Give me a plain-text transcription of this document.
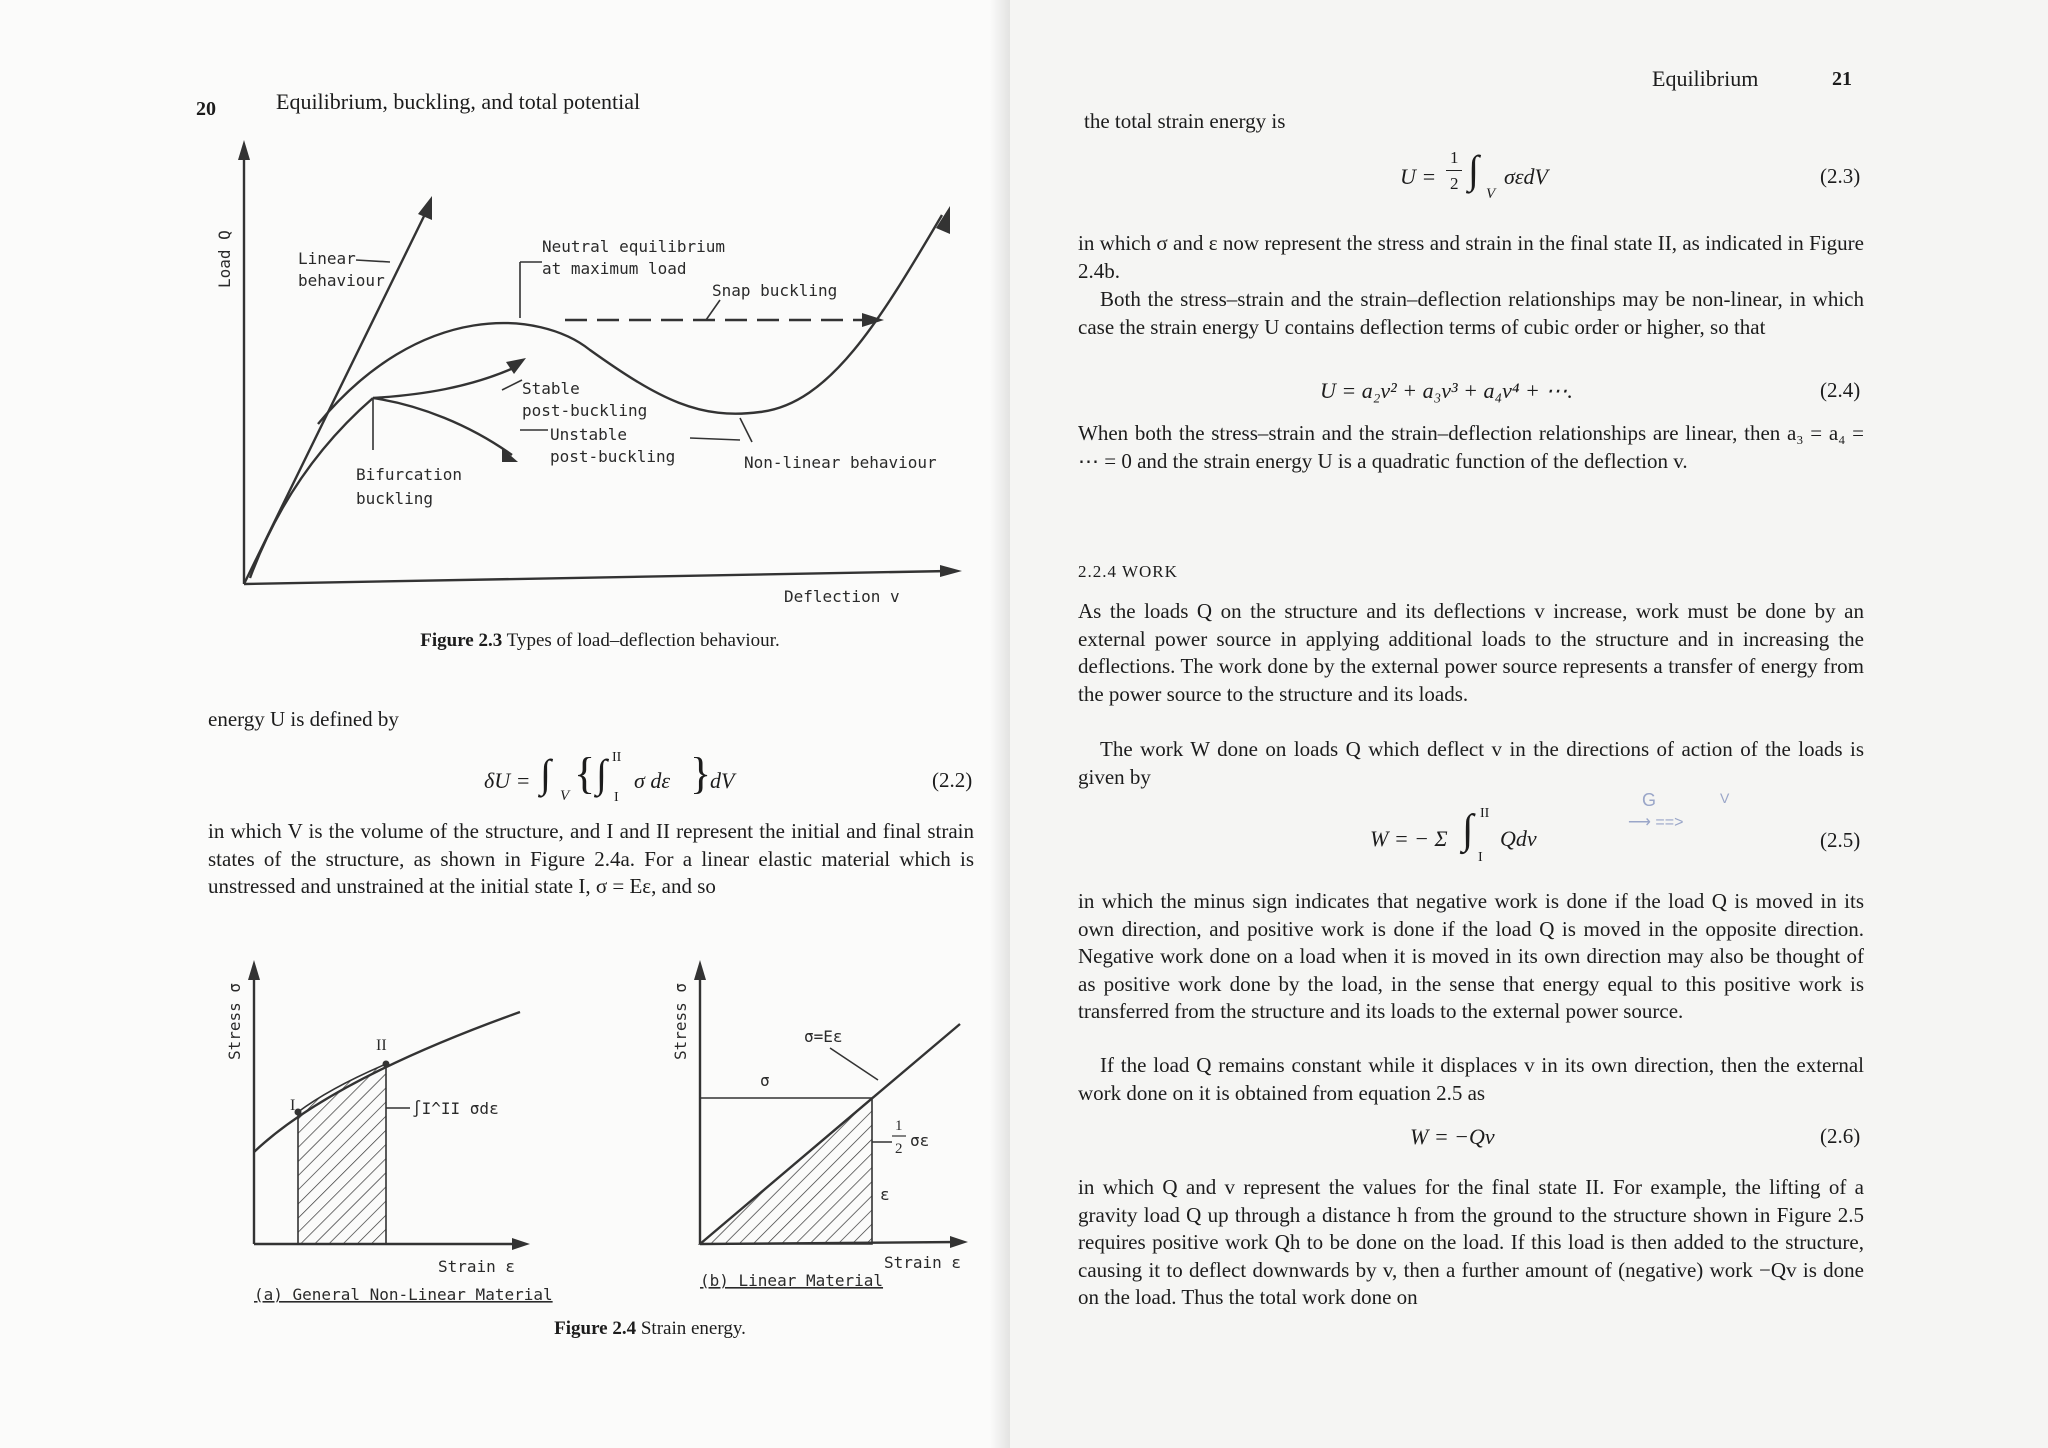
20	Equilibrium, buckling, and total potential
Load Q
Deflection v
Linear
behaviour
Neutral equilibrium
at maximum load
Snap buckling
Stable
post-buckling
Unstable
post-buckling
Bifurcation
buckling
Non-linear behaviour
Figure 2.3 Types of load–deflection behaviour.
energy U is defined by
δU = ∫ V { ∫ II
I
σ dε }
dV	(2.2)
in which V is the volume of the structure, and I and II represent the initial and final strain states of the structure, as shown in Figure 2.4a. For a linear elastic material which is unstressed and unstrained at the initial state I, σ = Eε, and so
Stress σ
I
II
∫I^II σdε
Strain ε
(a) General Non-Linear Material
Stress σ	σ=Eε
σ
1
2 σε
ε
Strain ε
(b) Linear Material
Figure 2.4 Strain energy.
Equilibrium	21
the total strain energy is
U =
1
2 ∫
V
σεdV	(2.3)
in which σ and ε now represent the stress and strain in the final state II, as indicated in Figure 2.4b.
Both the stress–strain and the strain–deflection relationships may be non-linear, in which case the strain energy U contains deflection terms of cubic order or higher, so that
U = a₂v² + a₃v³ + a₄v⁴ + ⋯.	(2.4)
When both the stress–strain and the strain–deflection relationships are linear, then a₃ = a₄ = ⋯ = 0 and the strain energy U is a quadratic function of the deflection v.
2.2.4 WORK
As the loads Q on the structure and its deflections v increase, work must be done by an external power source in applying additional loads to the structure and in increasing the deflections. The work done by the external power source represents a transfer of energy from the power source to the structure and its loads.
The work W done on loads Q which deflect v in the directions of action of the loads is given by
W = − Σ ∫ II
I
Qdv
G	V
⟶ ==>
(2.5)
in which the minus sign indicates that negative work is done if the load Q is moved in its own direction, and positive work is done if the load Q is moved in the opposite direction. Negative work done on a load when it is moved in its own direction may also be thought of as positive work done by the load, in the sense that energy equal to this positive work is transferred from the structure and its loads to the external power source.
If the load Q remains constant while it displaces v in its own direction, then the external work done on it is obtained from equation 2.5 as
W = −Qv	(2.6)
in which Q and v represent the values for the final state II. For example, the lifting of a gravity load Q up through a distance h from the ground to the structure shown in Figure 2.5 requires positive work Qh to be done on the load. If this load is then added to the structure, causing it to deflect downwards by v, then a further amount of (negative) work −Qv is done on the load. Thus the total work done on
